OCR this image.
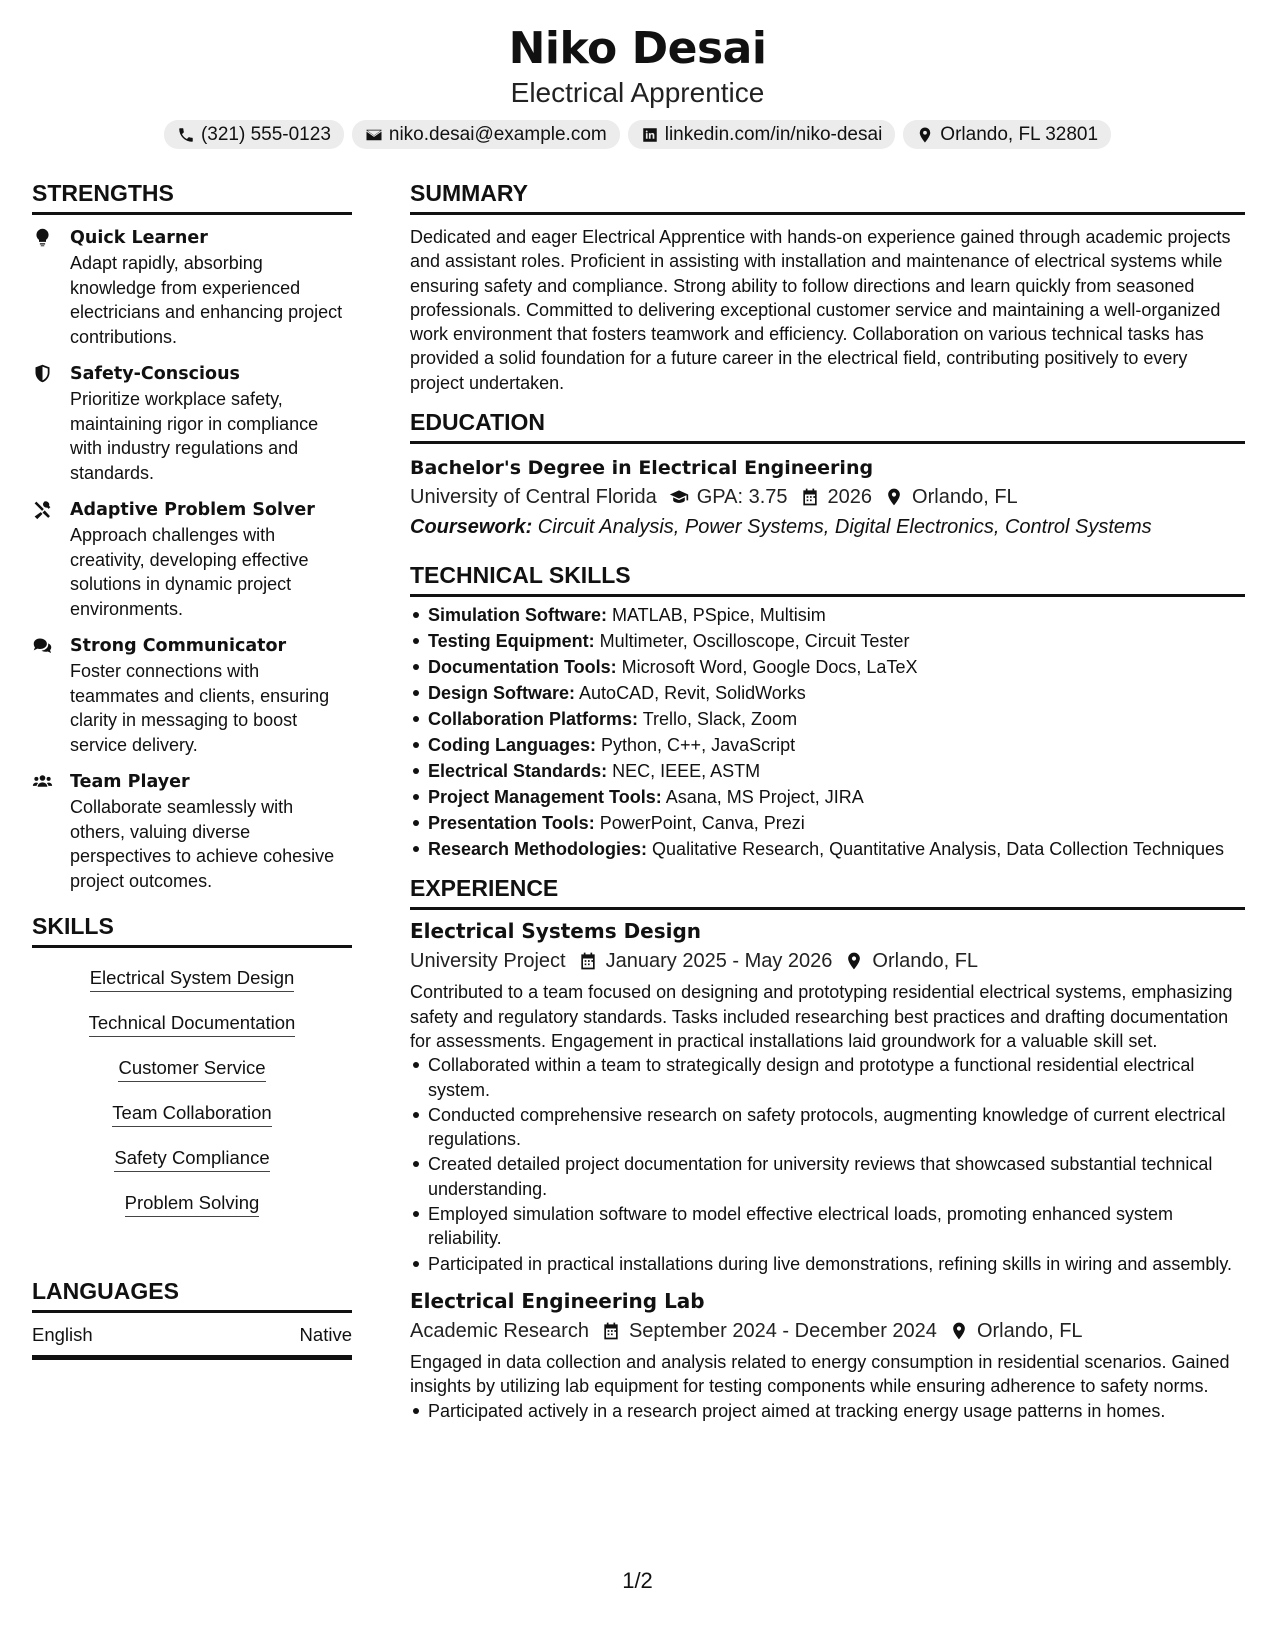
Niko Desai
Electrical Apprentice
(321) 555-0123	niko.desai@example.com	linkedin.com/in/niko-desai	Orlando, FL 32801
STRENGTHS
Quick Learner
Adapt rapidly, absorbing knowledge from experienced electricians and enhancing project contributions.
Safety-Conscious
Prioritize workplace safety, maintaining rigor in compliance with industry regulations and standards.
Adaptive Problem Solver
Approach challenges with creativity, developing effective solutions in dynamic project environments.
Strong Communicator
Foster connections with teammates and clients, ensuring clarity in messaging to boost service delivery.
Team Player
Collaborate seamlessly with others, valuing diverse perspectives to achieve cohesive project outcomes.
SKILLS
Electrical System Design
Technical Documentation
Customer Service
Team Collaboration
Safety Compliance
Problem Solving
LANGUAGES
English	Native
SUMMARY
Dedicated and eager Electrical Apprentice with hands-on experience gained through academic projects and assistant roles. Proficient in assisting with installation and maintenance of electrical systems while ensuring safety and compliance. Strong ability to follow directions and learn quickly from seasoned professionals. Committed to delivering exceptional customer service and maintaining a well-organized work environment that fosters teamwork and efficiency. Collaboration on various technical tasks has provided a solid foundation for a future career in the electrical field, contributing positively to every project undertaken.
EDUCATION
Bachelor's Degree in Electrical Engineering
University of Central Florida GPA: 3.75 2026 Orlando, FL
Coursework: Circuit Analysis, Power Systems, Digital Electronics, Control Systems
TECHNICAL SKILLS
Simulation Software: MATLAB, PSpice, Multisim
Testing Equipment: Multimeter, Oscilloscope, Circuit Tester
Documentation Tools: Microsoft Word, Google Docs, LaTeX
Design Software: AutoCAD, Revit, SolidWorks
Collaboration Platforms: Trello, Slack, Zoom
Coding Languages: Python, C++, JavaScript
Electrical Standards: NEC, IEEE, ASTM
Project Management Tools: Asana, MS Project, JIRA
Presentation Tools: PowerPoint, Canva, Prezi
Research Methodologies: Qualitative Research, Quantitative Analysis, Data Collection Techniques
EXPERIENCE
Electrical Systems Design
University Project January 2025 - May 2026 Orlando, FL
Contributed to a team focused on designing and prototyping residential electrical systems, emphasizing safety and regulatory standards. Tasks included researching best practices and drafting documentation for assessments. Engagement in practical installations laid groundwork for a valuable skill set.
Collaborated within a team to strategically design and prototype a functional residential electrical system.
Conducted comprehensive research on safety protocols, augmenting knowledge of current electrical regulations.
Created detailed project documentation for university reviews that showcased substantial technical understanding.
Employed simulation software to model effective electrical loads, promoting enhanced system reliability.
Participated in practical installations during live demonstrations, refining skills in wiring and assembly.
Electrical Engineering Lab
Academic Research September 2024 - December 2024 Orlando, FL
Engaged in data collection and analysis related to energy consumption in residential scenarios. Gained insights by utilizing lab equipment for testing components while ensuring adherence to safety norms.
Participated actively in a research project aimed at tracking energy usage patterns in homes.
1/2
